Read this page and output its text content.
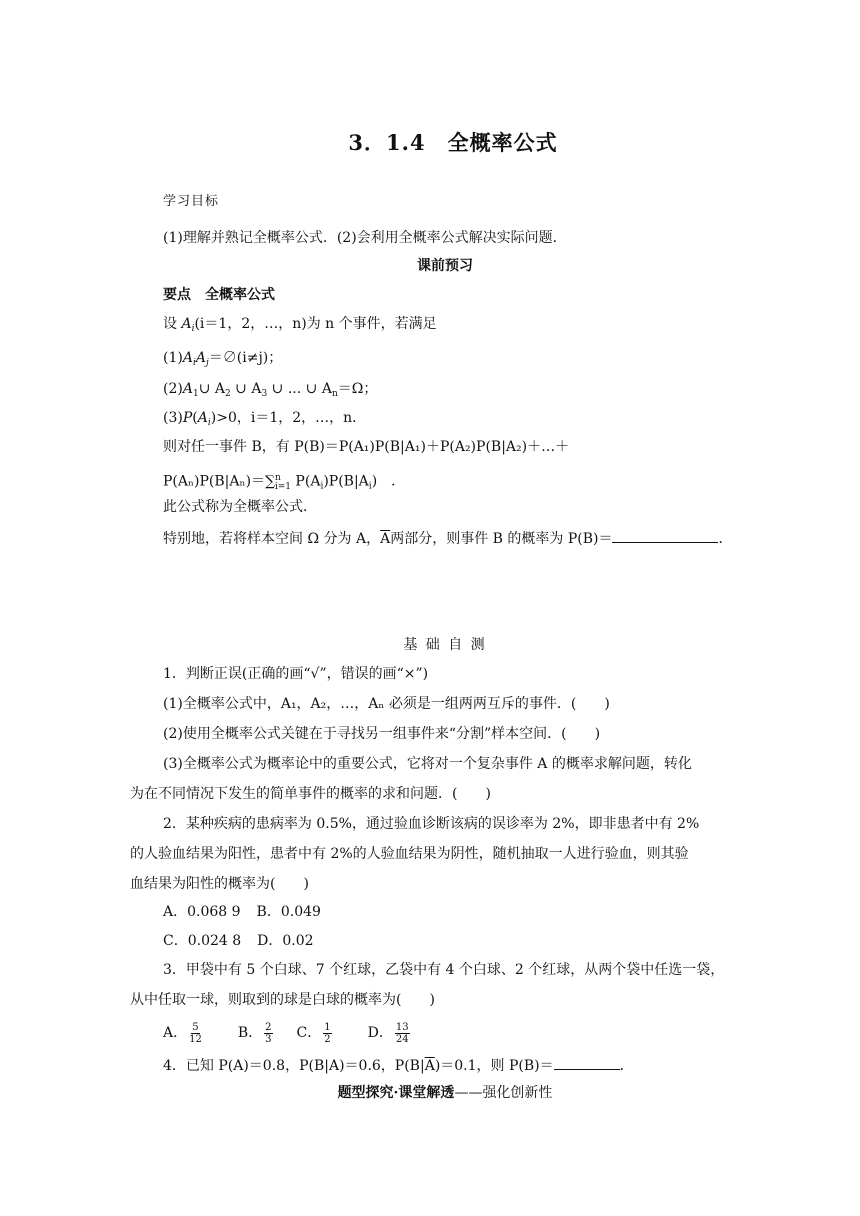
3．1.4　全概率公式
学习目标
(1)理解并熟记全概率公式．(2)会利用全概率公式解决实际问题．
课前预习
要点　全概率公式
设 $A_i(i=1$，2，…，n)为 n 个事件，若满足
$(1)A_iA_j=\emptyset(i\ne j)$；
$(2)A_1\cup$ $A_2$ ∪ $A_3$ ∪ ... ∪ $A_n=\Omega$；
$(3)P(A_i)>0$，i＝1，2，…，n．
则对任一事件 B，有 P(B)＝P(A₁)P(B|A₁)＋P(A₂)P(B|A₂)＋…＋
P(Aₙ)P(B|Aₙ)＝∑$^n_{i=1}$ $P(A_i)P(B|A_i)$　．
此公式称为全概率公式．
特别地，若将样本空间 Ω 分为 A，$\overline{A}$两部分，则事件 B 的概率为 P(B)＝	．
基 础 自 测
1．判断正误(正确的画“√”，错误的画“×”)
(1)全概率公式中，A₁，A₂，…，Aₙ 必须是一组两两互斥的事件．(　　)
(2)使用全概率公式关键在于寻找另一组事件来“分割”样本空间．(　　)
(3)全概率公式为概率论中的重要公式，它将对一个复杂事件 A 的概率求解问题，转化
为在不同情况下发生的简单事件的概率的求和问题．(　　)
2．某种疾病的患病率为 0.5%，通过验血诊断该病的误诊率为 2%，即非患者中有 2%
的人验血结果为阳性，患者中有 2%的人验血结果为阴性，随机抽取一人进行验血，则其验
血结果为阳性的概率为(　　)
A．0.068 9 B．0.049
C．0.024 8 D．0.02
3．甲袋中有 5 个白球、7 个红球，乙袋中有 4 个白球、2 个红球，从两个袋中任选一袋，
从中任取一球，则取到的球是白球的概率为(　　)
A． $\frac{5}{12}$	B． $\frac{2}{3}$ C． $\frac{1}{2}$	D． $\frac{13}{24}$
4．已知 P(A)＝0.8，P(B|A)＝0.6，$P(B|\overline{A})=0.1$，则 P(B)＝	．
题型探究·课堂解透——强化创新性
